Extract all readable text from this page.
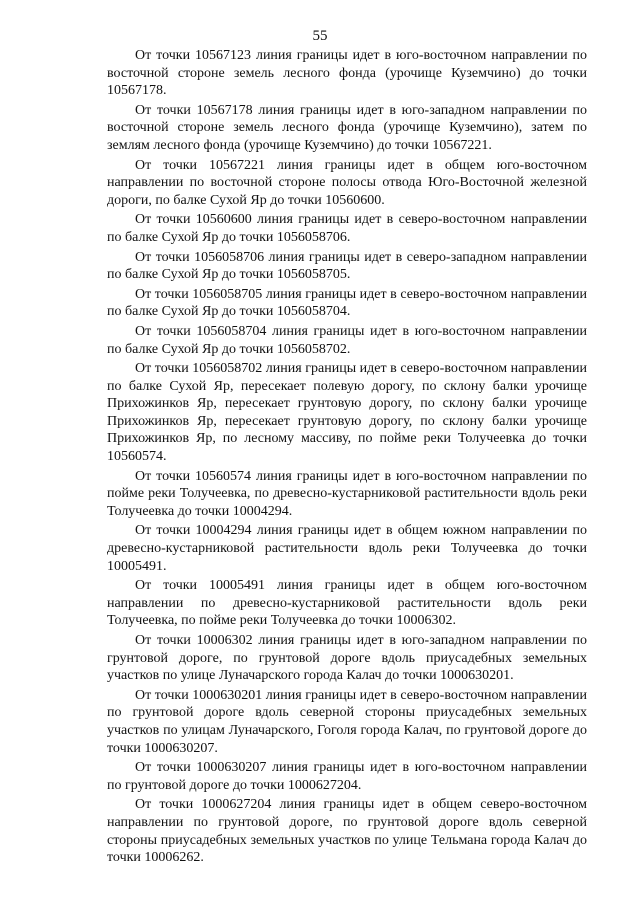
55

От точки 10567123 линия границы идет в юго-восточном направлении по восточной стороне земель лесного фонда (урочище Куземчино) до точки 10567178.

От точки 10567178 линия границы идет в юго-западном направлении по восточной стороне земель лесного фонда (урочище Куземчино), затем по землям лесного фонда (урочище Куземчино) до точки 10567221.

От точки 10567221 линия границы идет в общем юго-восточном направлении по восточной стороне полосы отвода Юго-Восточной железной дороги, по балке Сухой Яр до точки 10560600.

От точки 10560600 линия границы идет в северо-восточном направлении по балке Сухой Яр до точки 1056058706.

От точки 1056058706 линия границы идет в северо-западном направлении по балке Сухой Яр до точки 1056058705.

От точки 1056058705 линия границы идет в северо-восточном направлении по балке Сухой Яр до точки 1056058704.

От точки 1056058704 линия границы идет в юго-восточном направлении по балке Сухой Яр до точки 1056058702.

От точки 1056058702 линия границы идет в северо-восточном направлении по балке Сухой Яр, пересекает полевую дорогу, по склону балки урочище Прихожинков Яр, пересекает грунтовую дорогу, по склону балки урочище Прихожинков Яр, пересекает грунтовую дорогу, по склону балки урочище Прихожинков Яр, по лесному массиву, по пойме реки Толучеевка до точки 10560574.

От точки 10560574 линия границы идет в юго-восточном направлении по пойме реки Толучеевка, по древесно-кустарниковой растительности вдоль реки Толучеевка до точки 10004294.

От точки 10004294 линия границы идет в общем южном направлении по древесно-кустарниковой растительности вдоль реки Толучеевка до точки 10005491.

От точки 10005491 линия границы идет в общем юго-восточном направлении по древесно-кустарниковой растительности вдоль реки Толучеевка, по пойме реки Толучеевка до точки 10006302.

От точки 10006302 линия границы идет в юго-западном направлении по грунтовой дороге, по грунтовой дороге вдоль приусадебных земельных участков по улице Луначарского города Калач до точки 1000630201.

От точки 1000630201 линия границы идет в северо-восточном направлении по грунтовой дороге вдоль северной стороны приусадебных земельных участков по улицам Луначарского, Гоголя города Калач, по грунтовой дороге до точки 1000630207.

От точки 1000630207 линия границы идет в юго-восточном направлении по грунтовой дороге до точки 1000627204.

От точки 1000627204 линия границы идет в общем северо-восточном направлении по грунтовой дороге, по грунтовой дороге вдоль северной стороны приусадебных земельных участков по улице Тельмана города Калач до точки 10006262.
